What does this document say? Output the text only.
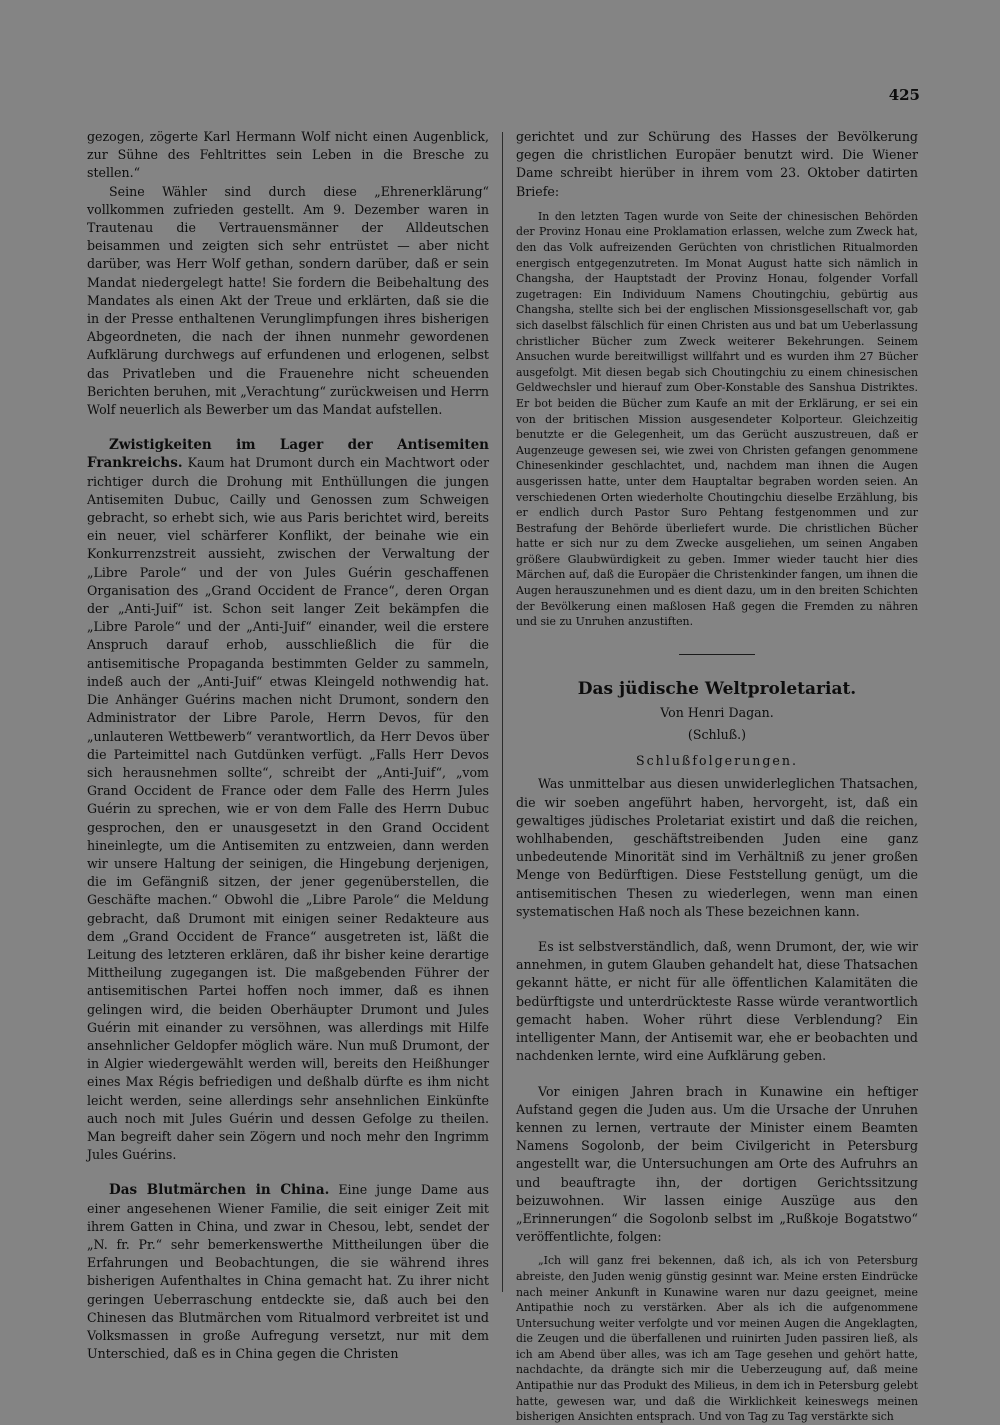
425

gezogen, zögerte Karl Hermann Wolf nicht einen Augenblick, zur Sühne des Fehltrittes sein Leben in die Bresche zu stellen.“

Seine Wähler sind durch diese „Ehrenerklärung“ vollkommen zufrieden gestellt. Am 9. Dezember waren in Trautenau die Vertrauensmänner der Alldeutschen beisammen und zeigten sich sehr entrüstet — aber nicht darüber, was Herr Wolf gethan, sondern darüber, daß er sein Mandat niedergelegt hatte! Sie fordern die Beibehaltung des Mandates als einen Akt der Treue und erklärten, daß sie die in der Presse enthaltenen Verunglimpfungen ihres bisherigen Abgeordneten, die nach der ihnen nunmehr gewordenen Aufklärung durchwegs auf erfundenen und erlogenen, selbst das Privatleben und die Frauenehre nicht scheuenden Berichten beruhen, mit „Verachtung“ zurückweisen und Herrn Wolf neuerlich als Bewerber um das Mandat aufstellen.

Zwistigkeiten im Lager der Antisemiten Frankreichs. Kaum hat Drumont durch ein Machtwort oder richtiger durch die Drohung mit Enthüllungen die jungen Antisemiten Dubuc, Cailly und Genossen zum Schweigen gebracht, so erhebt sich, wie aus Paris berichtet wird, bereits ein neuer, viel schärferer Konflikt, der beinahe wie ein Konkurrenzstreit aussieht, zwischen der Verwaltung der „Libre Parole“ und der von Jules Guérin geschaffenen Organisation des „Grand Occident de France“, deren Organ der „Anti-Juif“ ist. Schon seit langer Zeit bekämpfen die „Libre Parole“ und der „Anti-Juif“ einander, weil die erstere Anspruch darauf erhob, ausschließlich die für die antisemitische Propaganda bestimmten Gelder zu sammeln, indeß auch der „Anti-Juif“ etwas Kleingeld nothwendig hat. Die Anhänger Guérins machen nicht Drumont, sondern den Administrator der Libre Parole, Herrn Devos, für den „unlauteren Wettbewerb“ verantwortlich, da Herr Devos über die Parteimittel nach Gutdünken verfügt. „Falls Herr Devos sich herausnehmen sollte“, schreibt der „Anti-Juif“, „vom Grand Occident de France oder dem Falle des Herrn Jules Guérin zu sprechen, wie er von dem Falle des Herrn Dubuc gesprochen, den er unausgesetzt in den Grand Occident hineinlegte, um die Antisemiten zu entzweien, dann werden wir unsere Haltung der seinigen, die Hingebung derjenigen, die im Gefängniß sitzen, der jener gegenüberstellen, die Geschäfte machen.“ Obwohl die „Libre Parole“ die Meldung gebracht, daß Drumont mit einigen seiner Redakteure aus dem „Grand Occident de France“ ausgetreten ist, läßt die Leitung des letzteren erklären, daß ihr bisher keine derartige Mittheilung zugegangen ist. Die maßgebenden Führer der antisemitischen Partei hoffen noch immer, daß es ihnen gelingen wird, die beiden Oberhäupter Drumont und Jules Guérin mit einander zu versöhnen, was allerdings mit Hilfe ansehnlicher Geldopfer möglich wäre. Nun muß Drumont, der in Algier wiedergewählt werden will, bereits den Heißhunger eines Max Régis befriedigen und deßhalb dürfte es ihm nicht leicht werden, seine allerdings sehr ansehnlichen Einkünfte auch noch mit Jules Guérin und dessen Gefolge zu theilen. Man begreift daher sein Zögern und noch mehr den Ingrimm Jules Guérins.

Das Blutmärchen in China. Eine junge Dame aus einer angesehenen Wiener Familie, die seit einiger Zeit mit ihrem Gatten in China, und zwar in Chesou, lebt, sendet der „N. fr. Pr.“ sehr bemerkenswerthe Mittheilungen über die Erfahrungen und Beobachtungen, die sie während ihres bisherigen Aufenthaltes in China gemacht hat. Zu ihrer nicht geringen Ueberraschung entdeckte sie, daß auch bei den Chinesen das Blutmärchen vom Ritualmord verbreitet ist und Volksmassen in große Aufregung versetzt, nur mit dem Unterschied, daß es in China gegen die Christen

gerichtet und zur Schürung des Hasses der Bevölkerung gegen die christlichen Europäer benutzt wird. Die Wiener Dame schreibt hierüber in ihrem vom 23. Oktober datirten Briefe:

In den letzten Tagen wurde von Seite der chinesischen Behörden der Provinz Honau eine Proklamation erlassen, welche zum Zweck hat, den das Volk aufreizenden Gerüchten von christlichen Ritualmorden energisch entgegenzutreten. Im Monat August hatte sich nämlich in Changsha, der Hauptstadt der Provinz Honau, folgender Vorfall zugetragen: Ein Individuum Namens Choutingchiu, gebürtig aus Changsha, stellte sich bei der englischen Missionsgesellschaft vor, gab sich daselbst fälschlich für einen Christen aus und bat um Ueberlassung christlicher Bücher zum Zweck weiterer Bekehrungen. Seinem Ansuchen wurde bereitwilligst willfahrt und es wurden ihm 27 Bücher ausgefolgt. Mit diesen begab sich Choutingchiu zu einem chinesischen Geldwechsler und hierauf zum Ober-Konstable des Sanshua Distriktes. Er bot beiden die Bücher zum Kaufe an mit der Erklärung, er sei ein von der britischen Mission ausgesendeter Kolporteur. Gleichzeitig benutzte er die Gelegenheit, um das Gerücht auszustreuen, daß er Augenzeuge gewesen sei, wie zwei von Christen gefangen genommene Chinesenkinder geschlachtet, und, nachdem man ihnen die Augen ausgerissen hatte, unter dem Hauptaltar begraben worden seien. An verschiedenen Orten wiederholte Choutingchiu dieselbe Erzählung, bis er endlich durch Pastor Suro Pehtang festgenommen und zur Bestrafung der Behörde überliefert wurde. Die christlichen Bücher hatte er sich nur zu dem Zwecke ausgeliehen, um seinen Angaben größere Glaubwürdigkeit zu geben. Immer wieder taucht hier dies Märchen auf, daß die Europäer die Christenkinder fangen, um ihnen die Augen herauszunehmen und es dient dazu, um in den breiten Schichten der Bevölkerung einen maßlosen Haß gegen die Fremden zu nähren und sie zu Unruhen anzustiften.

Das jüdische Weltproletariat.

Von Henri Dagan.

(Schluß.)

Schlußfolgerungen.

Was unmittelbar aus diesen unwiderleglichen Thatsachen, die wir soeben angeführt haben, hervorgeht, ist, daß ein gewaltiges jüdisches Proletariat existirt und daß die reichen, wohlhabenden, geschäftstreibenden Juden eine ganz unbedeutende Minorität sind im Verhältniß zu jener großen Menge von Bedürftigen. Diese Feststellung genügt, um die antisemitischen Thesen zu wiederlegen, wenn man einen systematischen Haß noch als These bezeichnen kann.

Es ist selbstverständlich, daß, wenn Drumont, der, wie wir annehmen, in gutem Glauben gehandelt hat, diese Thatsachen gekannt hätte, er nicht für alle öffentlichen Kalamitäten die bedürftigste und unterdrückteste Rasse würde verantwortlich gemacht haben. Woher rührt diese Verblendung? Ein intelligenter Mann, der Antisemit war, ehe er beobachten und nachdenken lernte, wird eine Aufklärung geben.

Vor einigen Jahren brach in Kunawine ein heftiger Aufstand gegen die Juden aus. Um die Ursache der Unruhen kennen zu lernen, vertraute der Minister einem Beamten Namens Sogolonb, der beim Civilgericht in Petersburg angestellt war, die Untersuchungen am Orte des Aufruhrs an und beauftragte ihn, der dortigen Gerichtssitzung beizuwohnen. Wir lassen einige Auszüge aus den „Erinnerungen“ die Sogolonb selbst im „Rußkoje Bogatstwo“ veröffentlichte, folgen:

„Ich will ganz frei bekennen, daß ich, als ich von Petersburg abreiste, den Juden wenig günstig gesinnt war. Meine ersten Eindrücke nach meiner Ankunft in Kunawine waren nur dazu geeignet, meine Antipathie noch zu verstärken. Aber als ich die aufgenommene Untersuchung weiter verfolgte und vor meinen Augen die Angeklagten, die Zeugen und die überfallenen und ruinirten Juden passiren ließ, als ich am Abend über alles, was ich am Tage gesehen und gehört hatte, nachdachte, da drängte sich mir die Ueberzeugung auf, daß meine Antipathie nur das Produkt des Milieus, in dem ich in Petersburg gelebt hatte, gewesen war, und daß die Wirklichkeit keineswegs meinen bisherigen Ansichten entsprach. Und von Tag zu Tag verstärkte sich
